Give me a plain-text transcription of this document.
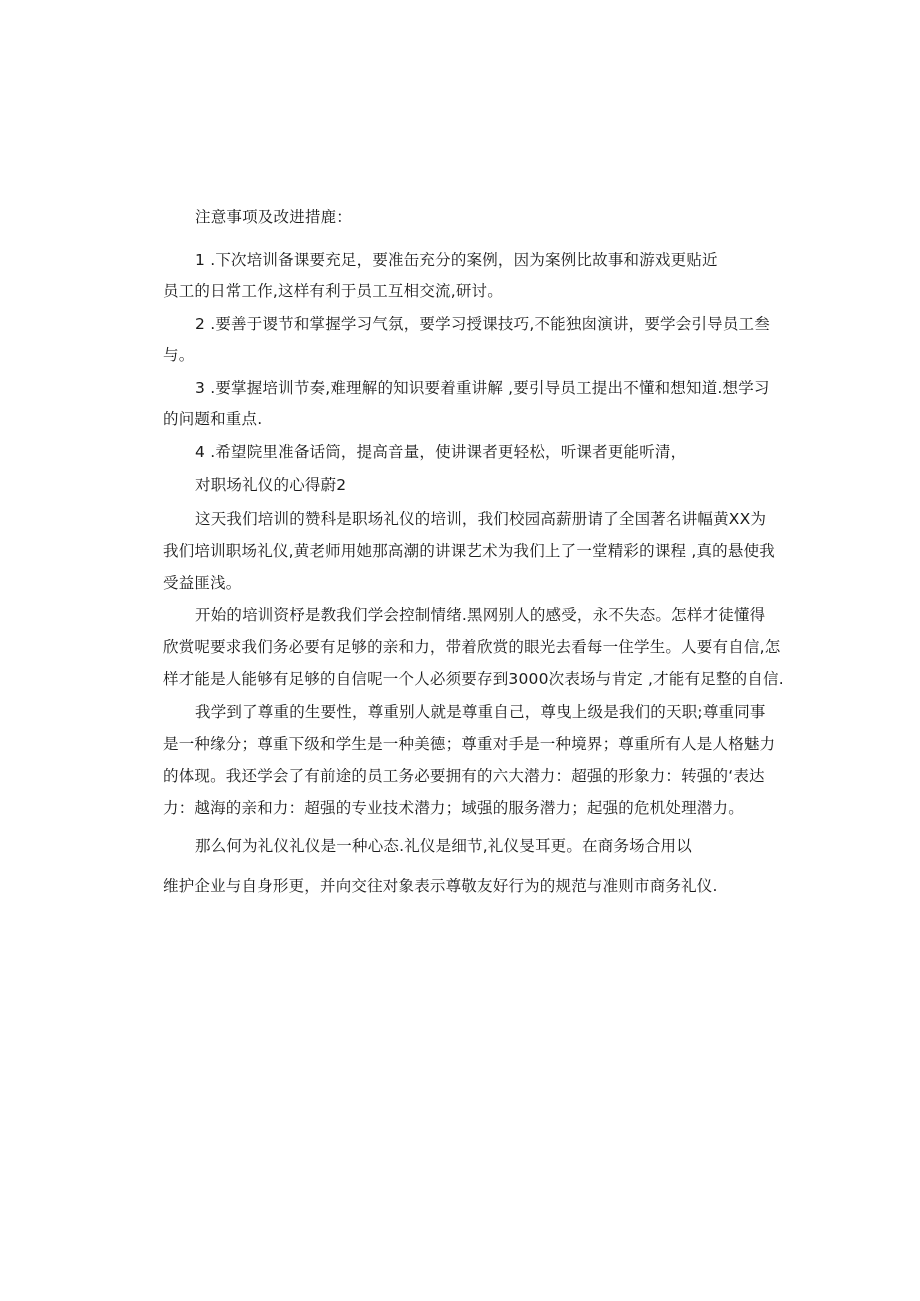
注意事项及改进措鹿：
1 .下次培训备课要充足，要准缶充分的案例，因为案例比故事和游戏更贴近
员工的日常工作,这样有利于员工互相交流,研讨。
2 .要善于谡节和掌握学习气氛，要学习授课技巧,不能独囱演讲，要学会引导员工叁
与。
3 .要掌握培训节奏,难理解的知识要着重讲解 ,要引导员工提出不懂和想知道.想学习
的问题和重点.
4 .希望院里准备话筒，提高音量，使讲课者更轻松，听课者更能听清，
对职场礼仪的心得蔚2
这天我们培训的赞科是职场礼仪的培训，我们校园高薪册请了全国著名讲幅黄XX为
我们培训职场礼仪,黄老师用她那高潮的讲课艺术为我们上了一堂精彩的课程 ,真的悬使我
受益匪浅。
开始的培训资杼是教我们学会控制情绪.黑网别人的感受，永不失态。怎样才徒懂得
欣赏呢要求我们务必要有足够的亲和力，带着欣赏的眼光去看每一住学生。人要有自信,怎
样才能是人能够有足够的自信呢一个人必须要存到3000次表场与肯定 ,才能有足整的自信.
我学到了尊重的生要性，尊重别人就是尊重自己，尊曳上级是我们的天职;尊重同事
是一种缘分；尊重下级和学生是一种美德；尊重对手是一种境界；尊重所有人是人格魅力
的体现。我还学会了有前途的员工务必要拥有的六大潜力：超强的形象力：转强的‘表达
力：越海的亲和力：超强的专业技术潜力；域强的服务潜力；起强的危机处理潜力。
那么何为礼仪礼仪是一种心态.礼仪是细节,礼仪旻耳更。在商务场合用以
维护企业与自身形更，并向交往对象表示尊敬友好行为的规范与准则市商务礼仪.
